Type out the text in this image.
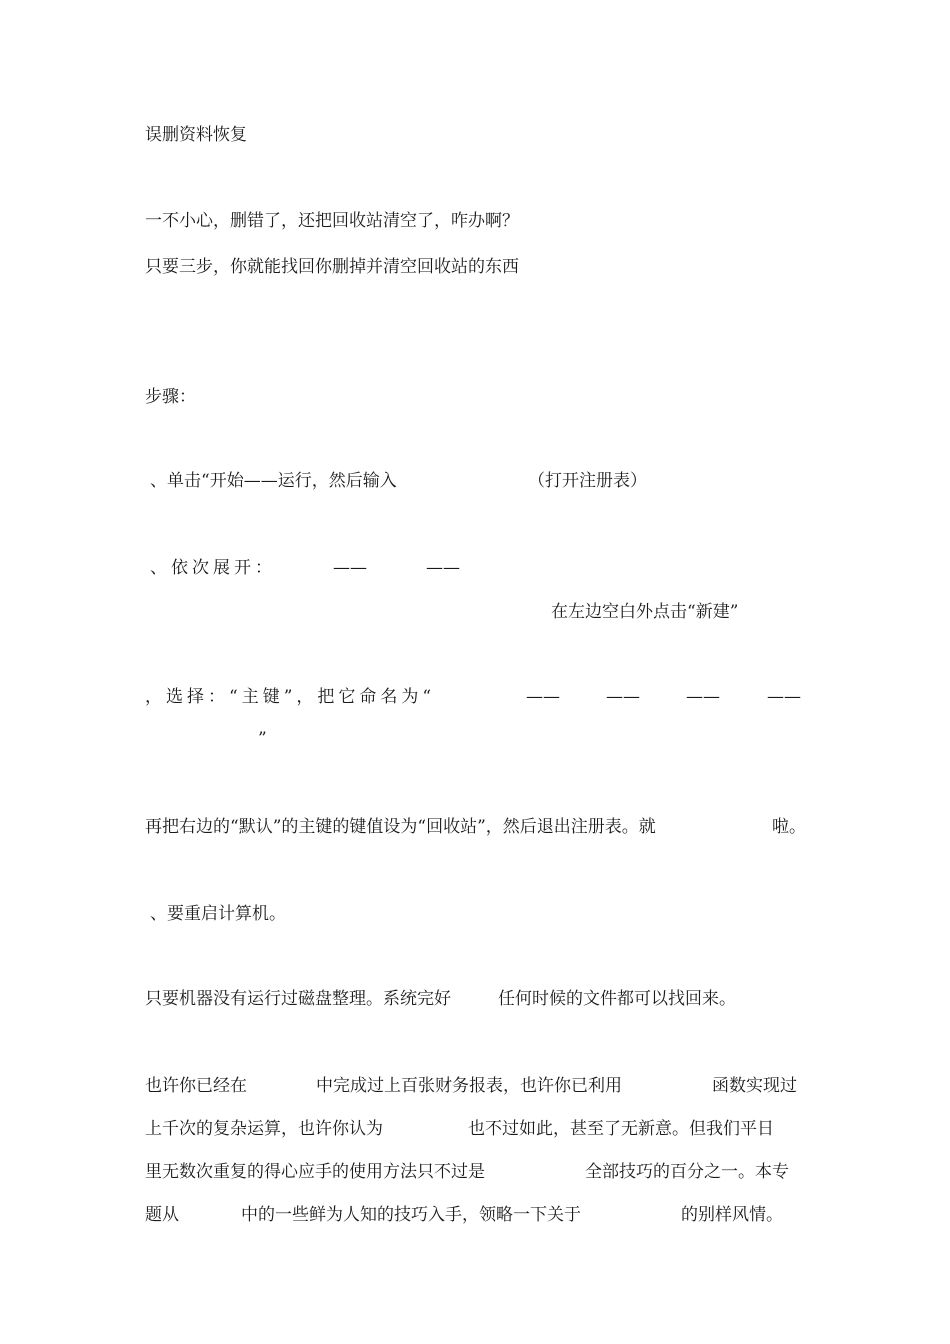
误删资料恢复

一不小心，删错了，还把回收站清空了，咋办啊？

只要三步，你就能找回你删掉并清空回收站的东西

步骤：

、单击“开始——运行，然后输入	（打开注册表）

、依次展开：	——	——

在左边空白外点击“新建”

，选择：“主键”，把它命名为“	——	——	——	——

”

再把右边的“默认”的主键的键值设为“回收站”，然后退出注册表。就	啦。

、要重启计算机。

只要机器没有运行过磁盘整理。系统完好	任何时候的文件都可以找回来。

也许你已经在	中完成过上百张财务报表，也许你已利用	函数实现过

上千次的复杂运算，也许你认为	也不过如此，甚至了无新意。但我们平日

里无数次重复的得心应手的使用方法只不过是	全部技巧的百分之一。本专

题从	中的一些鲜为人知的技巧入手，领略一下关于	的别样风情。
